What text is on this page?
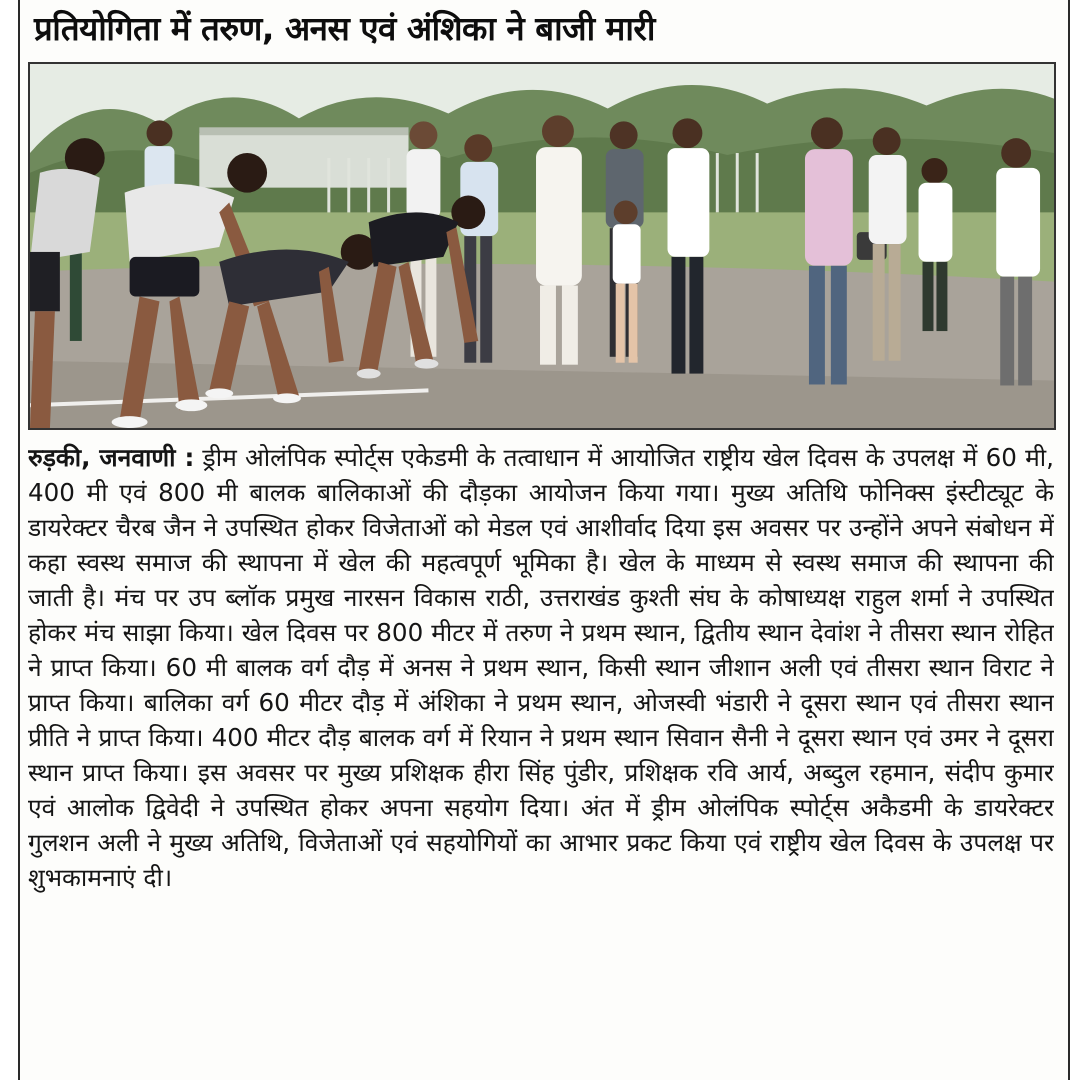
प्रतियोगिता में तरुण, अनस एवं अंशिका ने बाजी मारी
रुड़की, जनवाणी : ड्रीम ओलंपिक स्पोर्ट्स एकेडमी के तत्वाधान में आयोजित राष्ट्रीय खेल दिवस के उपलक्ष में 60 मी, 400 मी एवं 800 मी बालक बालिकाओं की दौड़का आयोजन किया गया। मुख्य अतिथि फोनिक्स इंस्टीट्यूट के डायरेक्टर चैरब जैन ने उपस्थित होकर विजेताओं को मेडल एवं आशीर्वाद दिया इस अवसर पर उन्होंने अपने संबोधन में कहा स्वस्थ समाज की स्थापना में खेल की महत्वपूर्ण भूमिका है। खेल के माध्यम से स्वस्थ समाज की स्थापना की जाती है। मंच पर उप ब्लॉक प्रमुख नारसन विकास राठी, उत्तराखंड कुश्ती संघ के कोषाध्यक्ष राहुल शर्मा ने उपस्थित होकर मंच साझा किया। खेल दिवस पर 800 मीटर में तरुण ने प्रथम स्थान, द्वितीय स्थान देवांश ने तीसरा स्थान रोहित ने प्राप्त किया। 60 मी बालक वर्ग दौड़ में अनस ने प्रथम स्थान, किसी स्थान जीशान अली एवं तीसरा स्थान विराट ने प्राप्त किया। बालिका वर्ग 60 मीटर दौड़ में अंशिका ने प्रथम स्थान, ओजस्वी भंडारी ने दूसरा स्थान एवं तीसरा स्थान प्रीति ने प्राप्त किया। 400 मीटर दौड़ बालक वर्ग में रियान ने प्रथम स्थान सिवान सैनी ने दूसरा स्थान एवं उमर ने दूसरा स्थान प्राप्त किया। इस अवसर पर मुख्य प्रशिक्षक हीरा सिंह पुंडीर, प्रशिक्षक रवि आर्य, अब्दुल रहमान, संदीप कुमार एवं आलोक द्विवेदी ने उपस्थित होकर अपना सहयोग दिया। अंत में ड्रीम ओलंपिक स्पोर्ट्स अकैडमी के डायरेक्टर गुलशन अली ने मुख्य अतिथि, विजेताओं एवं सहयोगियों का आभार प्रकट किया एवं राष्ट्रीय खेल दिवस के उपलक्ष पर शुभकामनाएं दी।
